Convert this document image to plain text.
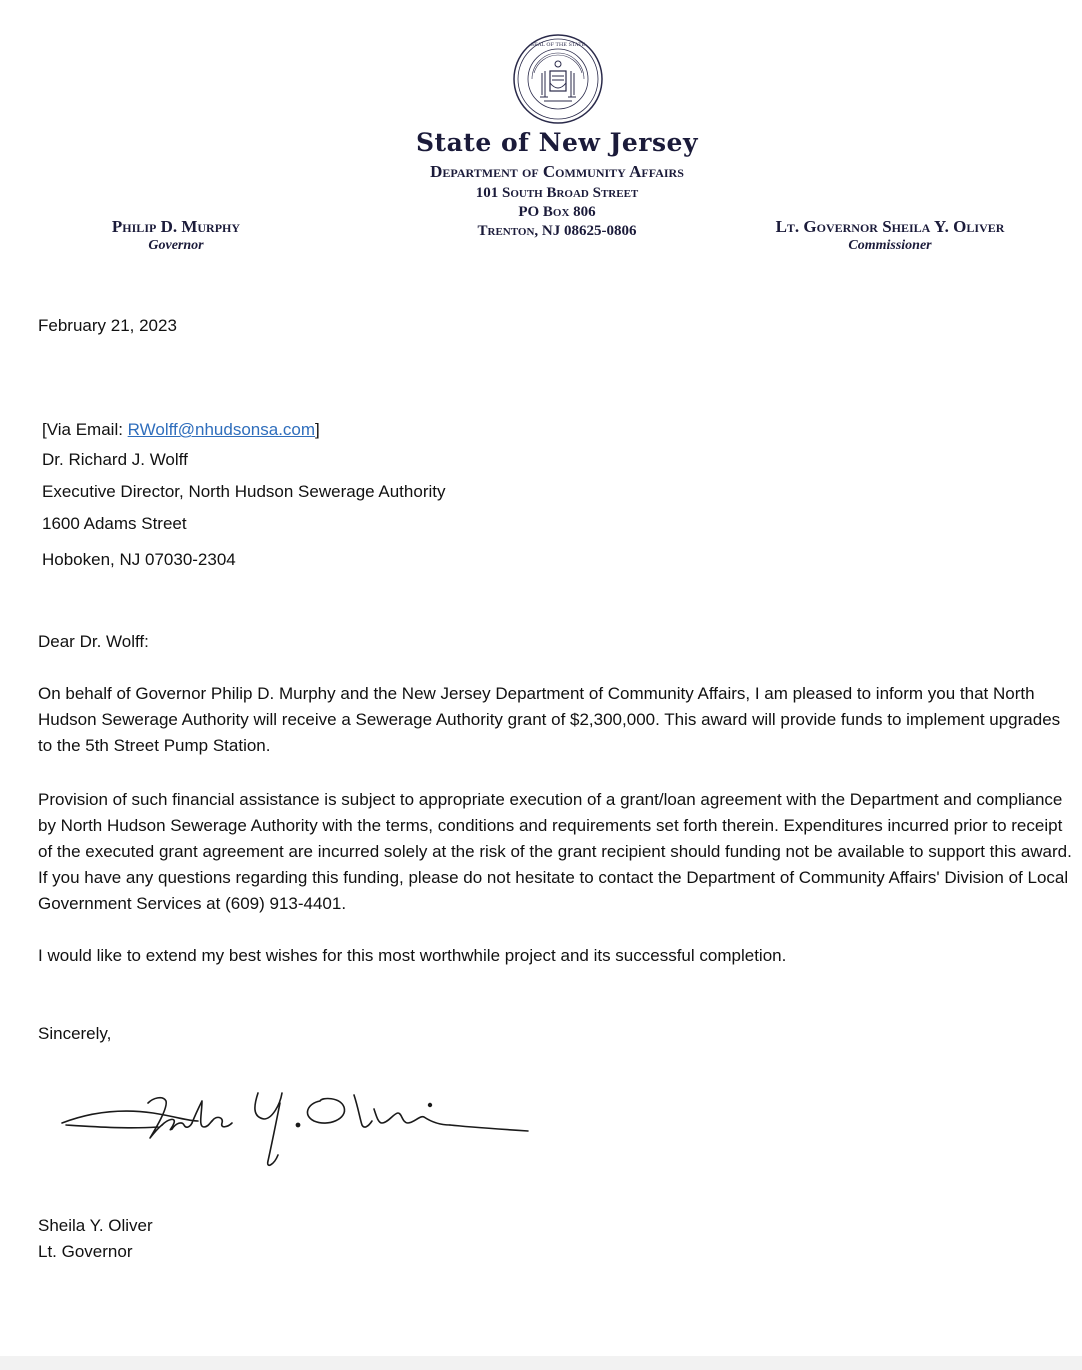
SEAL OF THE STATE
State of New Jersey
Department of Community Affairs
101 South Broad Street
PO Box 806
Trenton, NJ 08625-0806
Philip D. Murphy
Governor
Lt. Governor Sheila Y. Oliver
Commissioner
February 21, 2023
[Via Email: RWolff@nhudsonsa.com]
Dr. Richard J. Wolff
Executive Director, North Hudson Sewerage Authority
1600 Adams Street
Hoboken, NJ 07030-2304
Dear Dr. Wolff:
On behalf of Governor Philip D. Murphy and the New Jersey Department of Community Affairs, I am pleased to inform you that North Hudson Sewerage Authority will receive a Sewerage Authority grant of $2,300,000. This award will provide funds to implement upgrades to the 5th Street Pump Station.
Provision of such financial assistance is subject to appropriate execution of a grant/loan agreement with the Department and compliance by North Hudson Sewerage Authority with the terms, conditions and requirements set forth therein. Expenditures incurred prior to receipt of the executed grant agreement are incurred solely at the risk of the grant recipient should funding not be available to support this award. If you have any questions regarding this funding, please do not hesitate to contact the Department of Community Affairs' Division of Local Government Services at (609) 913-4401.
I would like to extend my best wishes for this most worthwhile project and its successful completion.
Sincerely,
Sheila Y. Oliver
Lt. Governor
